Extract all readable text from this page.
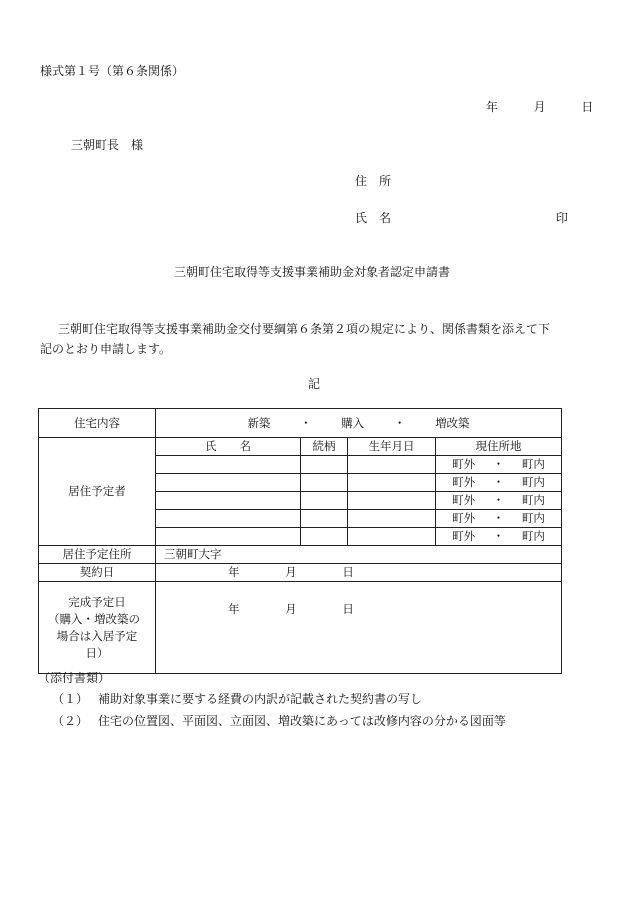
様式第１号（第６条関係）
年	月	日
三朝町長　様
住　所
氏　名	印
三朝町住宅取得等支援事業補助金対象者認定申請書
三朝町住宅取得等支援事業補助金交付要綱第６条第２項の規定により、関係書類を添えて下
記のとおり申請します。
記
住宅内容	新築 ・ 購入 ・ 増改築			
居住予定者	氏　　名	続柄	生年月日	現住所地
				町外 ・ 町内
				町外 ・ 町内
				町外 ・ 町内
				町外 ・ 町内
				町外 ・ 町内
居住予定住所	三朝町大字			
契約日	年 月 日			

完成予定日
（購入・増改築の
場合は入居予定
日）	年 月 日			
（添付書類）
（１） 補助対象事業に要する経費の内訳が記載された契約書の写し
（２） 住宅の位置図、平面図、立面図、増改築にあっては改修内容の分かる図面等
